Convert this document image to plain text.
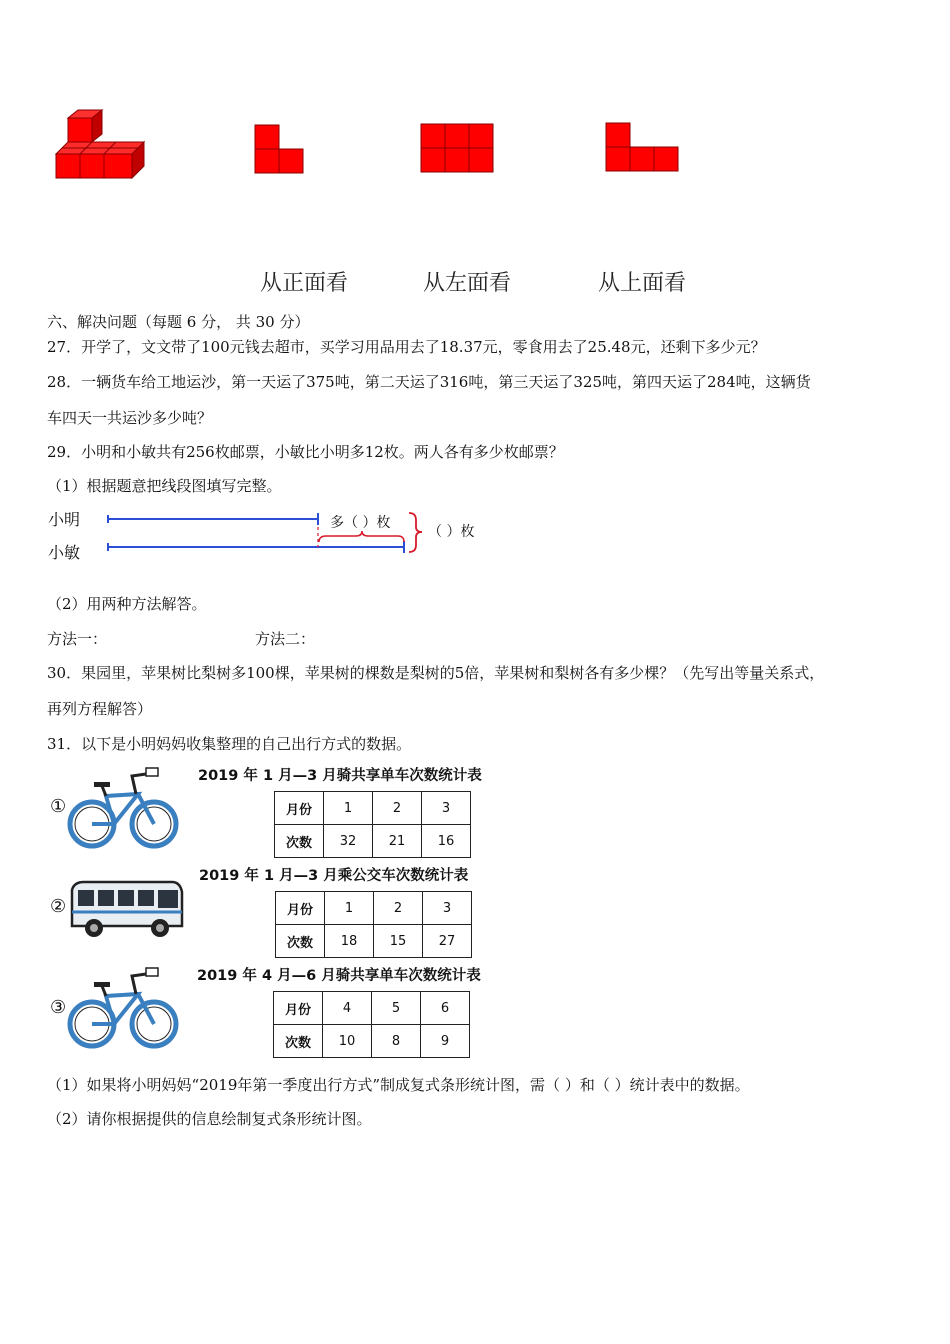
从正面看	从左面看	从上面看
六、解决问题（每题 6 分， 共 30 分）
27．开学了，文文带了100元钱去超市，买学习用品用去了18.37元，零食用去了25.48元，还剩下多少元？
28．一辆货车给工地运沙，第一天运了375吨，第二天运了316吨，第三天运了325吨，第四天运了284吨，这辆货
车四天一共运沙多少吨？
29．小明和小敏共有256枚邮票，小敏比小明多12枚。两人各有多少枚邮票？
（1）根据题意把线段图填写完整。
小明
小敏
多（ ）枚
（ ）枚
（2）用两种方法解答。
方法一：	方法二：
30．果园里，苹果树比梨树多100棵，苹果树的棵数是梨树的5倍，苹果树和梨树各有多少棵？（先写出等量关系式，
再列方程解答）
31．以下是小明妈妈收集整理的自己出行方式的数据。
①
2019 年 1 月—3 月骑共享单车次数统计表
月份	1	2	3
次数	32	21	16
②
2019 年 1 月—3 月乘公交车次数统计表
月份	1	2	3
次数	18	15	27
③
2019 年 4 月—6 月骑共享单车次数统计表
月份	4	5	6
次数	10	8	9
（1）如果将小明妈妈“2019年第一季度出行方式”制成复式条形统计图，需（ ）和（ ）统计表中的数据。
（2）请你根据提供的信息绘制复式条形统计图。
